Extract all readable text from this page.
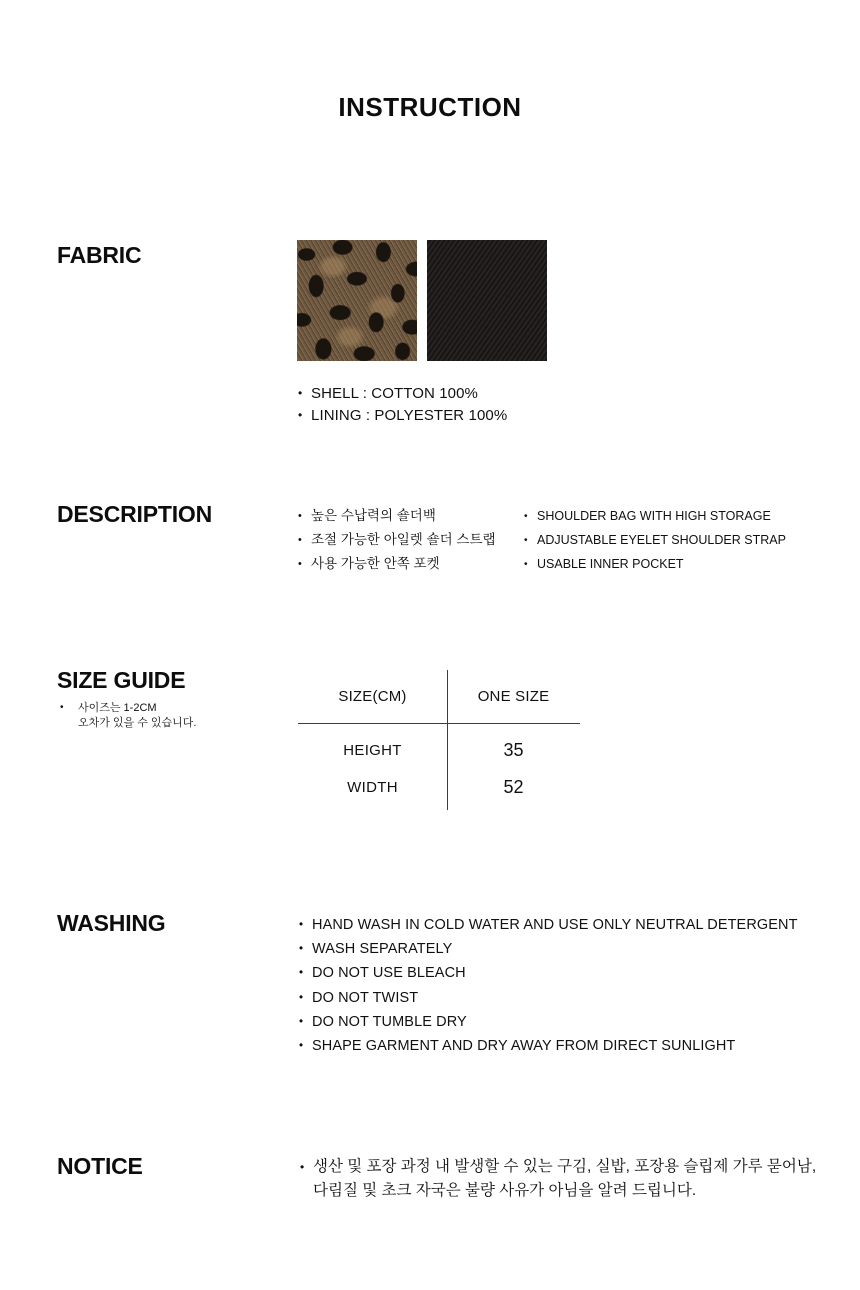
INSTRUCTION
FABRIC
• SHELL : COTTON 100%
• LINING : POLYESTER 100%
DESCRIPTION	• 높은 수납력의 숄더백
• 조절 가능한 아일렛 숄더 스트랩
• 사용 가능한 안쪽 포켓
• SHOULDER BAG WITH HIGH STORAGE
• ADJUSTABLE EYELET SHOULDER STRAP
• USABLE INNER POCKET
SIZE GUIDE
• 사이즈는 1-2CM
오차가 있을 수 있습니다.
SIZE(CM)	ONE SIZE
HEIGHT	35
WIDTH	52
WASHING	• HAND WASH IN COLD WATER AND USE ONLY NEUTRAL DETERGENT
• WASH SEPARATELY
• DO NOT USE BLEACH
• DO NOT TWIST
• DO NOT TUMBLE DRY
• SHAPE GARMENT AND DRY AWAY FROM DIRECT SUNLIGHT
NOTICE	• 생산 및 포장 과정 내 발생할 수 있는 구김, 실밥, 포장용 슬립제 가루 묻어남,
다림질 및 초크 자국은 불량 사유가 아님을 알려 드립니다.
